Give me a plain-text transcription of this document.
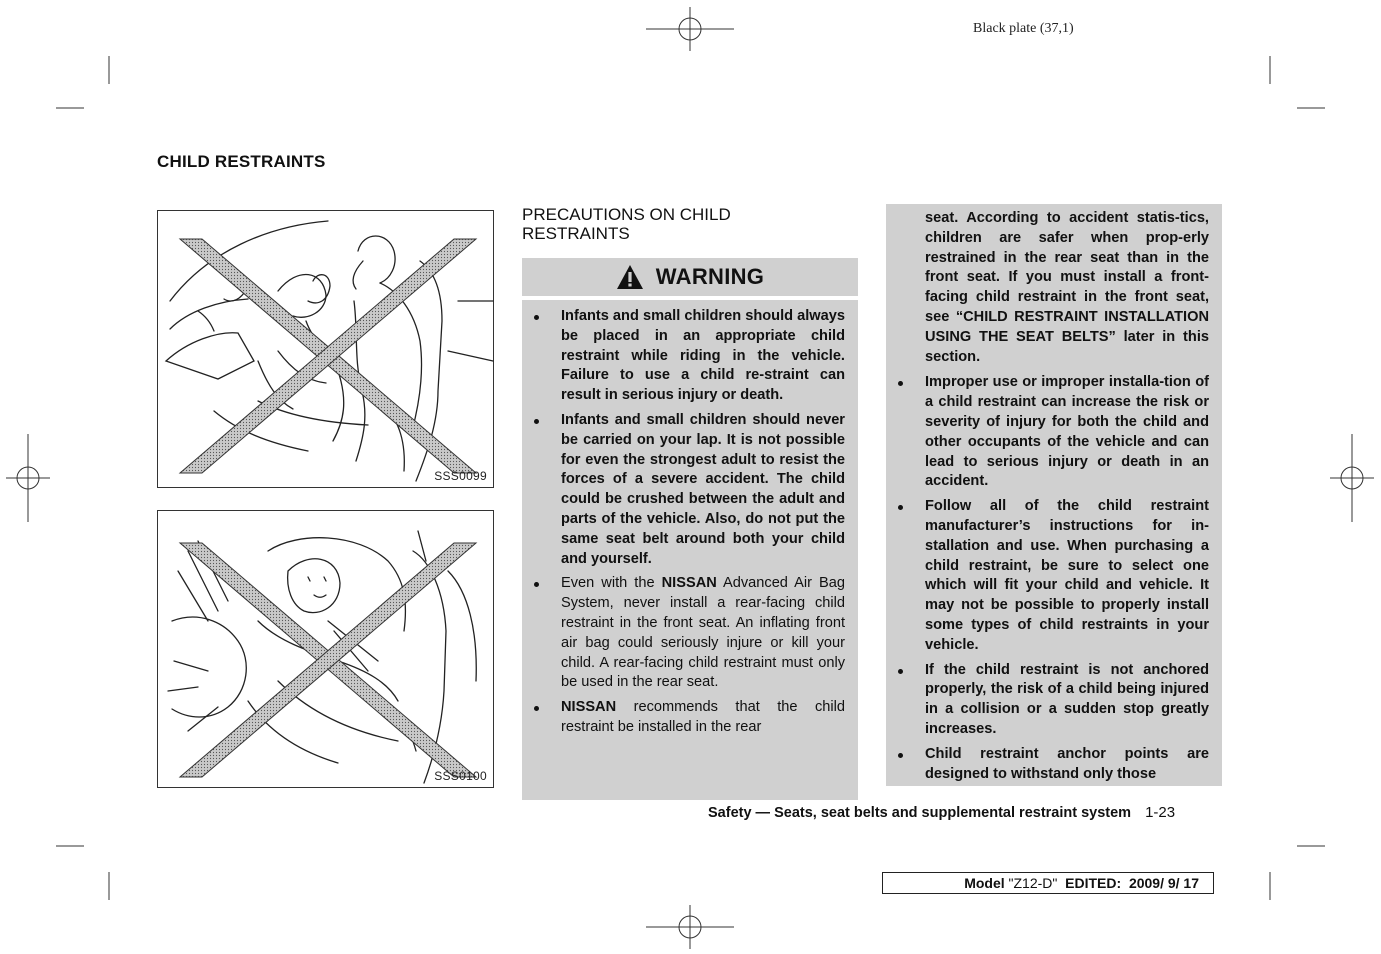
Black plate (37,1)
CHILD RESTRAINTS
SSS0099
SSS0100
PRECAUTIONS ON CHILD
RESTRAINTS
WARNING
Infants and small children should always be placed in an appropriate child restraint while riding in the vehicle. Failure to use a child re-straint can result in serious injury or death.
Infants and small children should never be carried on your lap. It is not possible for even the strongest adult to resist the forces of a severe accident. The child could be crushed between the adult and parts of the vehicle. Also, do not put the same seat belt around both your child and yourself.
Even with the NISSAN Advanced Air Bag System, never install a rear-facing child restraint in the front seat. An inflating front air bag could seriously injure or kill your child. A rear-facing child restraint must only be used in the rear seat.
NISSAN recommends that the child restraint be installed in the rear
seat. According to accident statis-tics, children are safer when prop-erly restrained in the rear seat than in the front seat. If you must install a front-facing child restraint in the front seat, see “CHILD RESTRAINT INSTALLATION USING THE SEAT BELTS” later in this section.
Improper use or improper installa-tion of a child restraint can increase the risk or severity of injury for both the child and other occupants of the vehicle and can lead to serious injury or death in an accident.
Follow all of the child restraint manufacturer’s instructions for in-stallation and use. When purchasing a child restraint, be sure to select one which will fit your child and vehicle. It may not be possible to properly install some types of child restraints in your vehicle.
If the child restraint is not anchored properly, the risk of a child being injured in a collision or a sudden stop greatly increases.
Child restraint anchor points are designed to withstand only those
Safety — Seats, seat belts and supplemental restraint system 1-23
Model "Z12-D" EDITED: 2009/ 9/ 17
